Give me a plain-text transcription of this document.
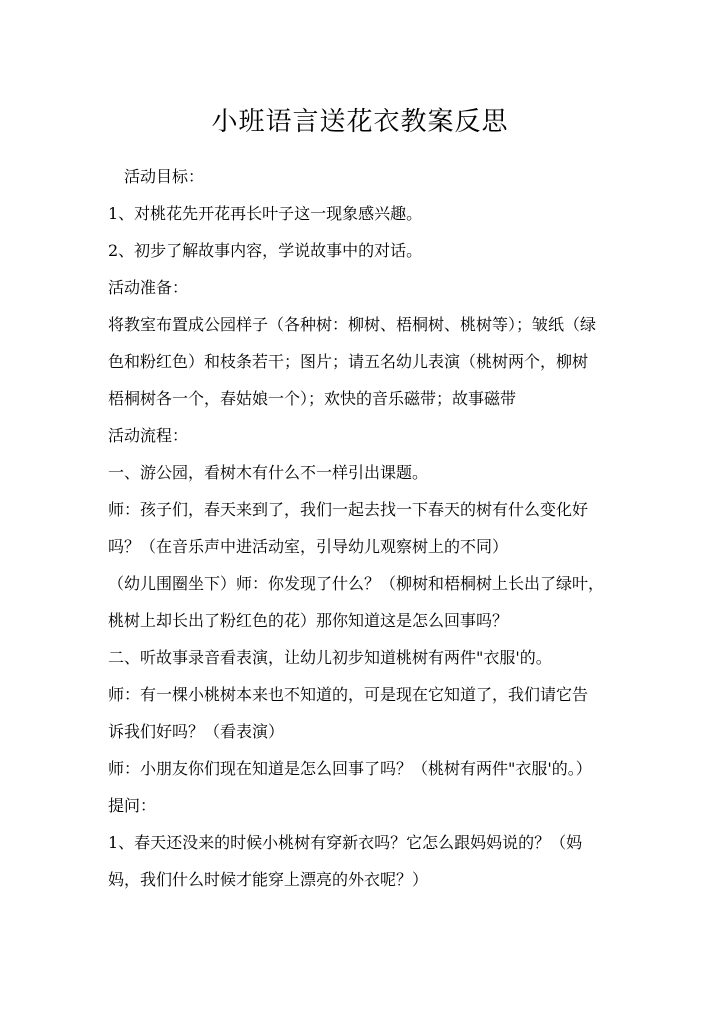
小班语言送花衣教案反思
活动目标：
1、对桃花先开花再长叶子这一现象感兴趣。
2、初步了解故事内容，学说故事中的对话。
活动准备：
将教室布置成公园样子（各种树：柳树、梧桐树、桃树等）；皱纸（绿
色和粉红色）和枝条若干；图片；请五名幼儿表演（桃树两个，柳树
梧桐树各一个，春姑娘一个）；欢快的音乐磁带；故事磁带
活动流程：
一、游公园，看树木有什么不一样引出课题。
师：孩子们，春天来到了，我们一起去找一下春天的树有什么变化好
吗？（在音乐声中进活动室，引导幼儿观察树上的不同）
（幼儿围圈坐下）师：你发现了什么？（柳树和梧桐树上长出了绿叶，
桃树上却长出了粉红色的花）那你知道这是怎么回事吗？
二、听故事录音看表演，让幼儿初步知道桃树有两件"衣服'的。
师：有一棵小桃树本来也不知道的，可是现在它知道了，我们请它告
诉我们好吗？（看表演）
师：小朋友你们现在知道是怎么回事了吗？（桃树有两件"衣服'的。）
提问：
1、春天还没来的时候小桃树有穿新衣吗？它怎么跟妈妈说的？（妈
妈，我们什么时候才能穿上漂亮的外衣呢？）
